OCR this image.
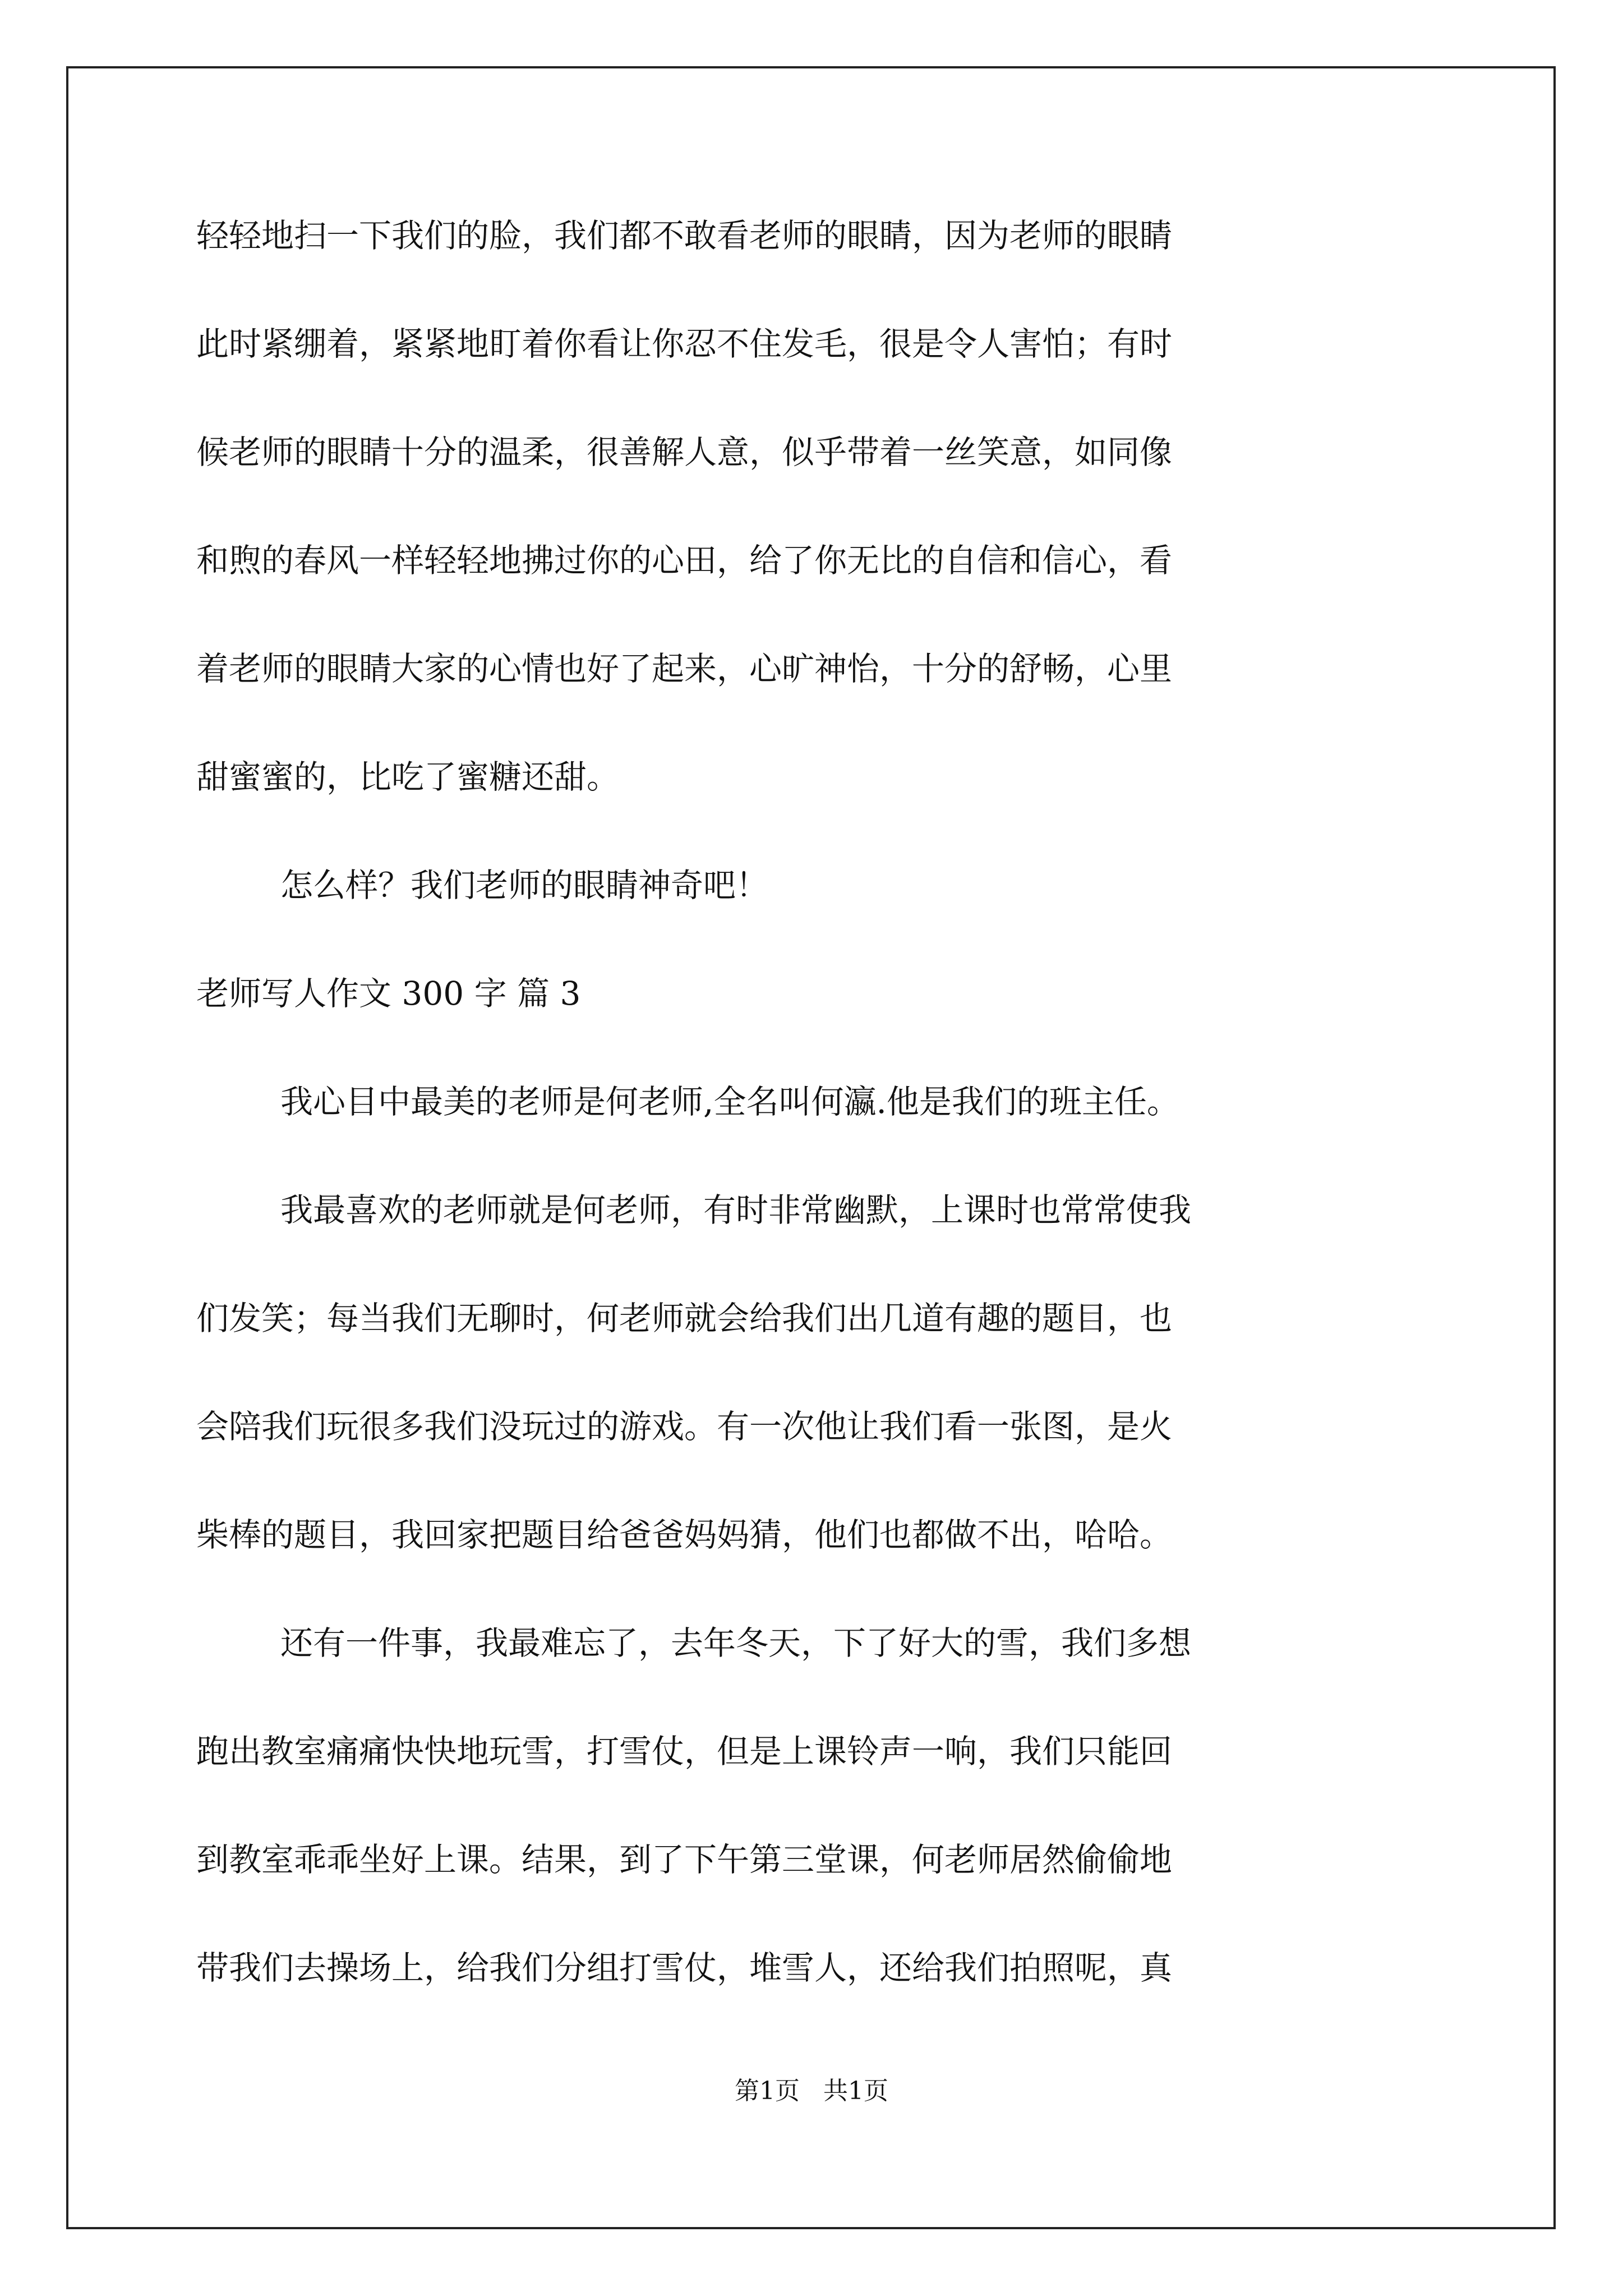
轻轻地扫一下我们的脸，我们都不敢看老师的眼睛，因为老师的眼睛

此时紧绷着，紧紧地盯着你看让你忍不住发毛，很是令人害怕；有时

候老师的眼睛十分的温柔，很善解人意，似乎带着一丝笑意，如同像

和煦的春风一样轻轻地拂过你的心田，给了你无比的自信和信心，看

着老师的眼睛大家的心情也好了起来，心旷神怡，十分的舒畅，心里

甜蜜蜜的，比吃了蜜糖还甜。

怎么样？我们老师的眼睛神奇吧！

老师写人作文 300 字 篇 3

我心目中最美的老师是何老师,全名叫何瀛.他是我们的班主任。

我最喜欢的老师就是何老师，有时非常幽默，上课时也常常使我

们发笑；每当我们无聊时，何老师就会给我们出几道有趣的题目，也

会陪我们玩很多我们没玩过的游戏。有一次他让我们看一张图，是火

柴棒的题目，我回家把题目给爸爸妈妈猜，他们也都做不出，哈哈。

还有一件事，我最难忘了，去年冬天，下了好大的雪，我们多想

跑出教室痛痛快快地玩雪，打雪仗，但是上课铃声一响，我们只能回

到教室乖乖坐好上课。结果，到了下午第三堂课，何老师居然偷偷地

带我们去操场上，给我们分组打雪仗，堆雪人，还给我们拍照呢，真

第1页 共1页
